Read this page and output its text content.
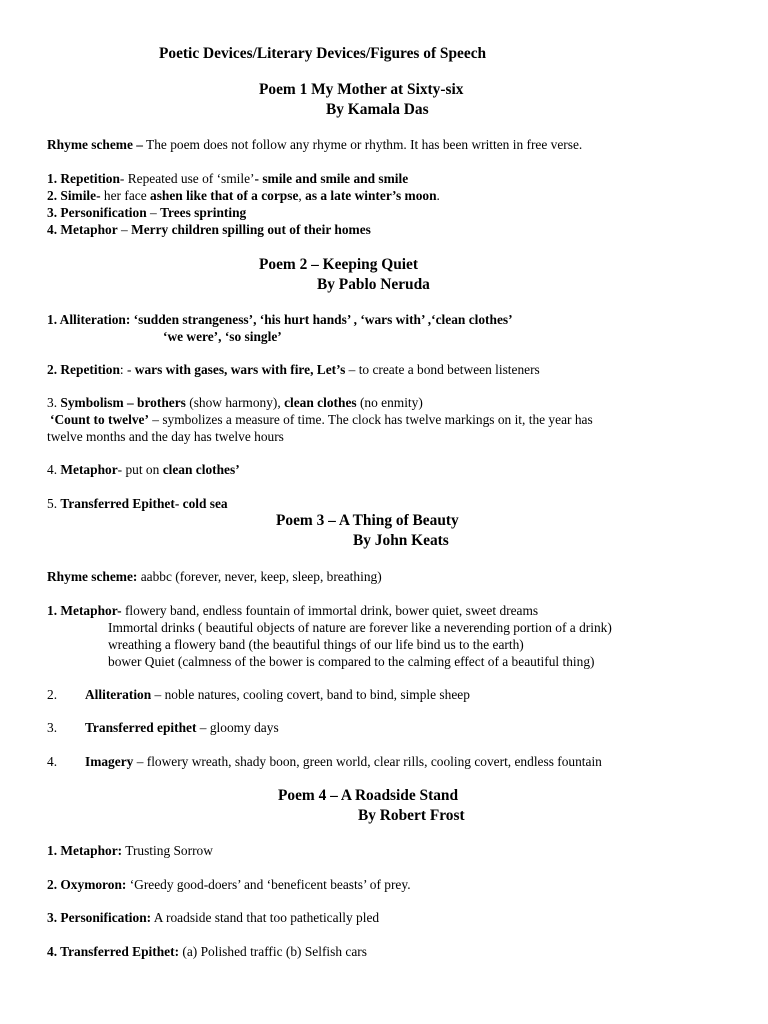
Poetic Devices/Literary Devices/Figures of Speech
Poem 1 My Mother at Sixty-six
By Kamala Das
Rhyme scheme – The poem does not follow any rhyme or rhythm. It has been written in free verse.
1. Repetition- Repeated use of ‘smile’- smile and smile and smile
2. Simile- her face ashen like that of a corpse, as a late winter’s moon.
3. Personification – Trees sprinting
4. Metaphor – Merry children spilling out of their homes
Poem 2 – Keeping Quiet
By Pablo Neruda
1. Alliteration: ‘sudden strangeness’, ‘his hurt hands’ , ‘wars with’ ,‘clean clothes’
‘we were’, ‘so single’
2. Repetition: - wars with gases, wars with fire, Let’s – to create a bond between listeners
3. Symbolism – brothers (show harmony), clean clothes (no enmity)
‘Count to twelve’ – symbolizes a measure of time. The clock has twelve markings on it, the year has
twelve months and the day has twelve hours
4. Metaphor- put on clean clothes’
5. Transferred Epithet- cold sea
Poem 3 – A Thing of Beauty
By John Keats
Rhyme scheme: aabbc (forever, never, keep, sleep, breathing)
1. Metaphor- flowery band, endless fountain of immortal drink, bower quiet, sweet dreams
Immortal drinks ( beautiful objects of nature are forever like a neverending portion of a drink)
wreathing a flowery band (the beautiful things of our life bind us to the earth)
bower Quiet (calmness of the bower is compared to the calming effect of a beautiful thing)
2. Alliteration – noble natures, cooling covert, band to bind, simple sheep
3. Transferred epithet – gloomy days
4. Imagery – flowery wreath, shady boon, green world, clear rills, cooling covert, endless fountain
Poem 4 – A Roadside Stand
By Robert Frost
1. Metaphor: Trusting Sorrow
2. Oxymoron: ‘Greedy good-doers’ and ‘beneficent beasts’ of prey.
3. Personification: A roadside stand that too pathetically pled
4. Transferred Epithet: (a) Polished traffic (b) Selfish cars
